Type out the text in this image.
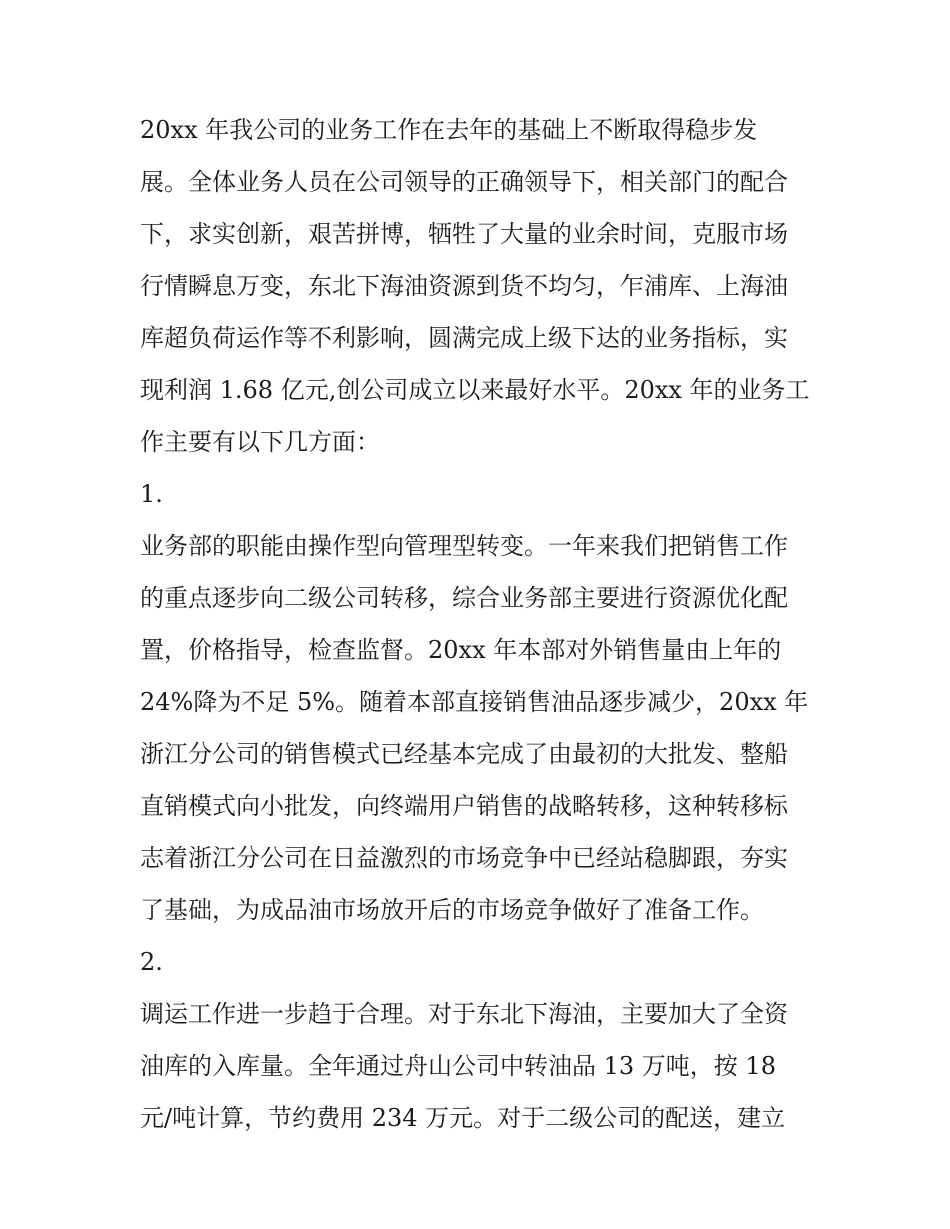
20xx 年我公司的业务工作在去年的基础上不断取得稳步发
展。全体业务人员在公司领导的正确领导下，相关部门的配合
下，求实创新，艰苦拼博，牺牲了大量的业余时间，克服市场
行情瞬息万变，东北下海油资源到货不均匀，乍浦库、上海油
库超负荷运作等不利影响，圆满完成上级下达的业务指标，实
现利润 1.68 亿元,创公司成立以来最好水平。20xx 年的业务工
作主要有以下几方面：
1.
业务部的职能由操作型向管理型转变。一年来我们把销售工作
的重点逐步向二级公司转移，综合业务部主要进行资源优化配
置，价格指导，检查监督。20xx 年本部对外销售量由上年的
24%降为不足 5%。随着本部直接销售油品逐步减少，20xx 年
浙江分公司的销售模式已经基本完成了由最初的大批发、整船
直销模式向小批发，向终端用户销售的战略转移，这种转移标
志着浙江分公司在日益激烈的市场竞争中已经站稳脚跟，夯实
了基础，为成品油市场放开后的市场竞争做好了准备工作。
2.
调运工作进一步趋于合理。对于东北下海油，主要加大了全资
油库的入库量。全年通过舟山公司中转油品 13 万吨，按 18
元/吨计算，节约费用 234 万元。对于二级公司的配送，建立
